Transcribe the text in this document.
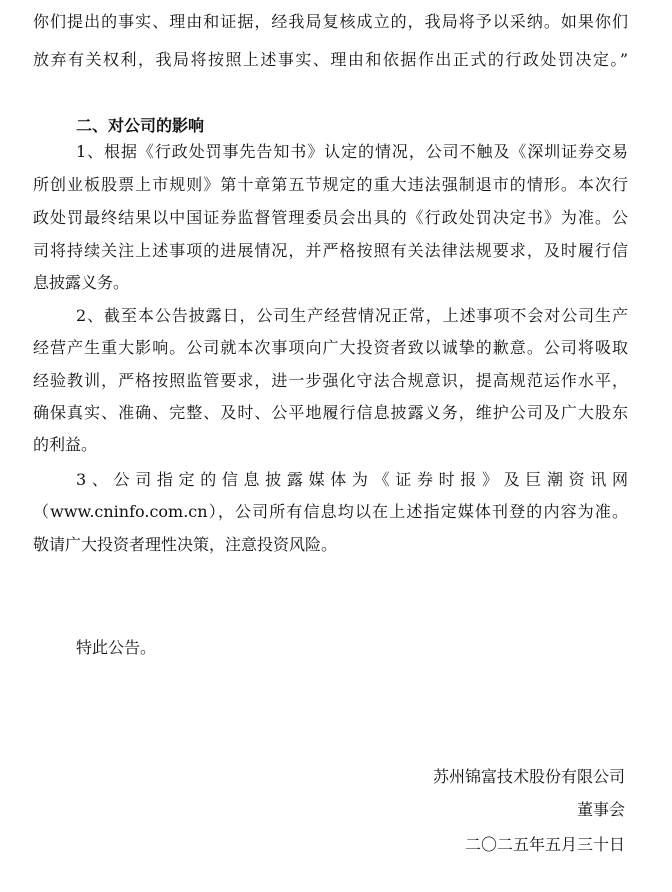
你们提出的事实、理由和证据，经我局复核成立的，我局将予以采纳。如果你们
放弃有关权利，我局将按照上述事实、理由和依据作出正式的行政处罚决定。”
二、对公司的影响
1、根据《行政处罚事先告知书》认定的情况，公司不触及《深圳证券交易
所创业板股票上市规则》第十章第五节规定的重大违法强制退市的情形。本次行
政处罚最终结果以中国证券监督管理委员会出具的《行政处罚决定书》为准。公
司将持续关注上述事项的进展情况，并严格按照有关法律法规要求，及时履行信
息披露义务。
2、截至本公告披露日，公司生产经营情况正常，上述事项不会对公司生产
经营产生重大影响。公司就本次事项向广大投资者致以诚挚的歉意。公司将吸取
经验教训，严格按照监管要求，进一步强化守法合规意识，提高规范运作水平，
确保真实、准确、完整、及时、公平地履行信息披露义务，维护公司及广大股东
的利益。
3、公司指定的信息披露媒体为《证券时报》及巨潮资讯网
（www.cninfo.com.cn），公司所有信息均以在上述指定媒体刊登的内容为准。
敬请广大投资者理性决策，注意投资风险。
特此公告。
苏州锦富技术股份有限公司
董事会
二〇二五年五月三十日
